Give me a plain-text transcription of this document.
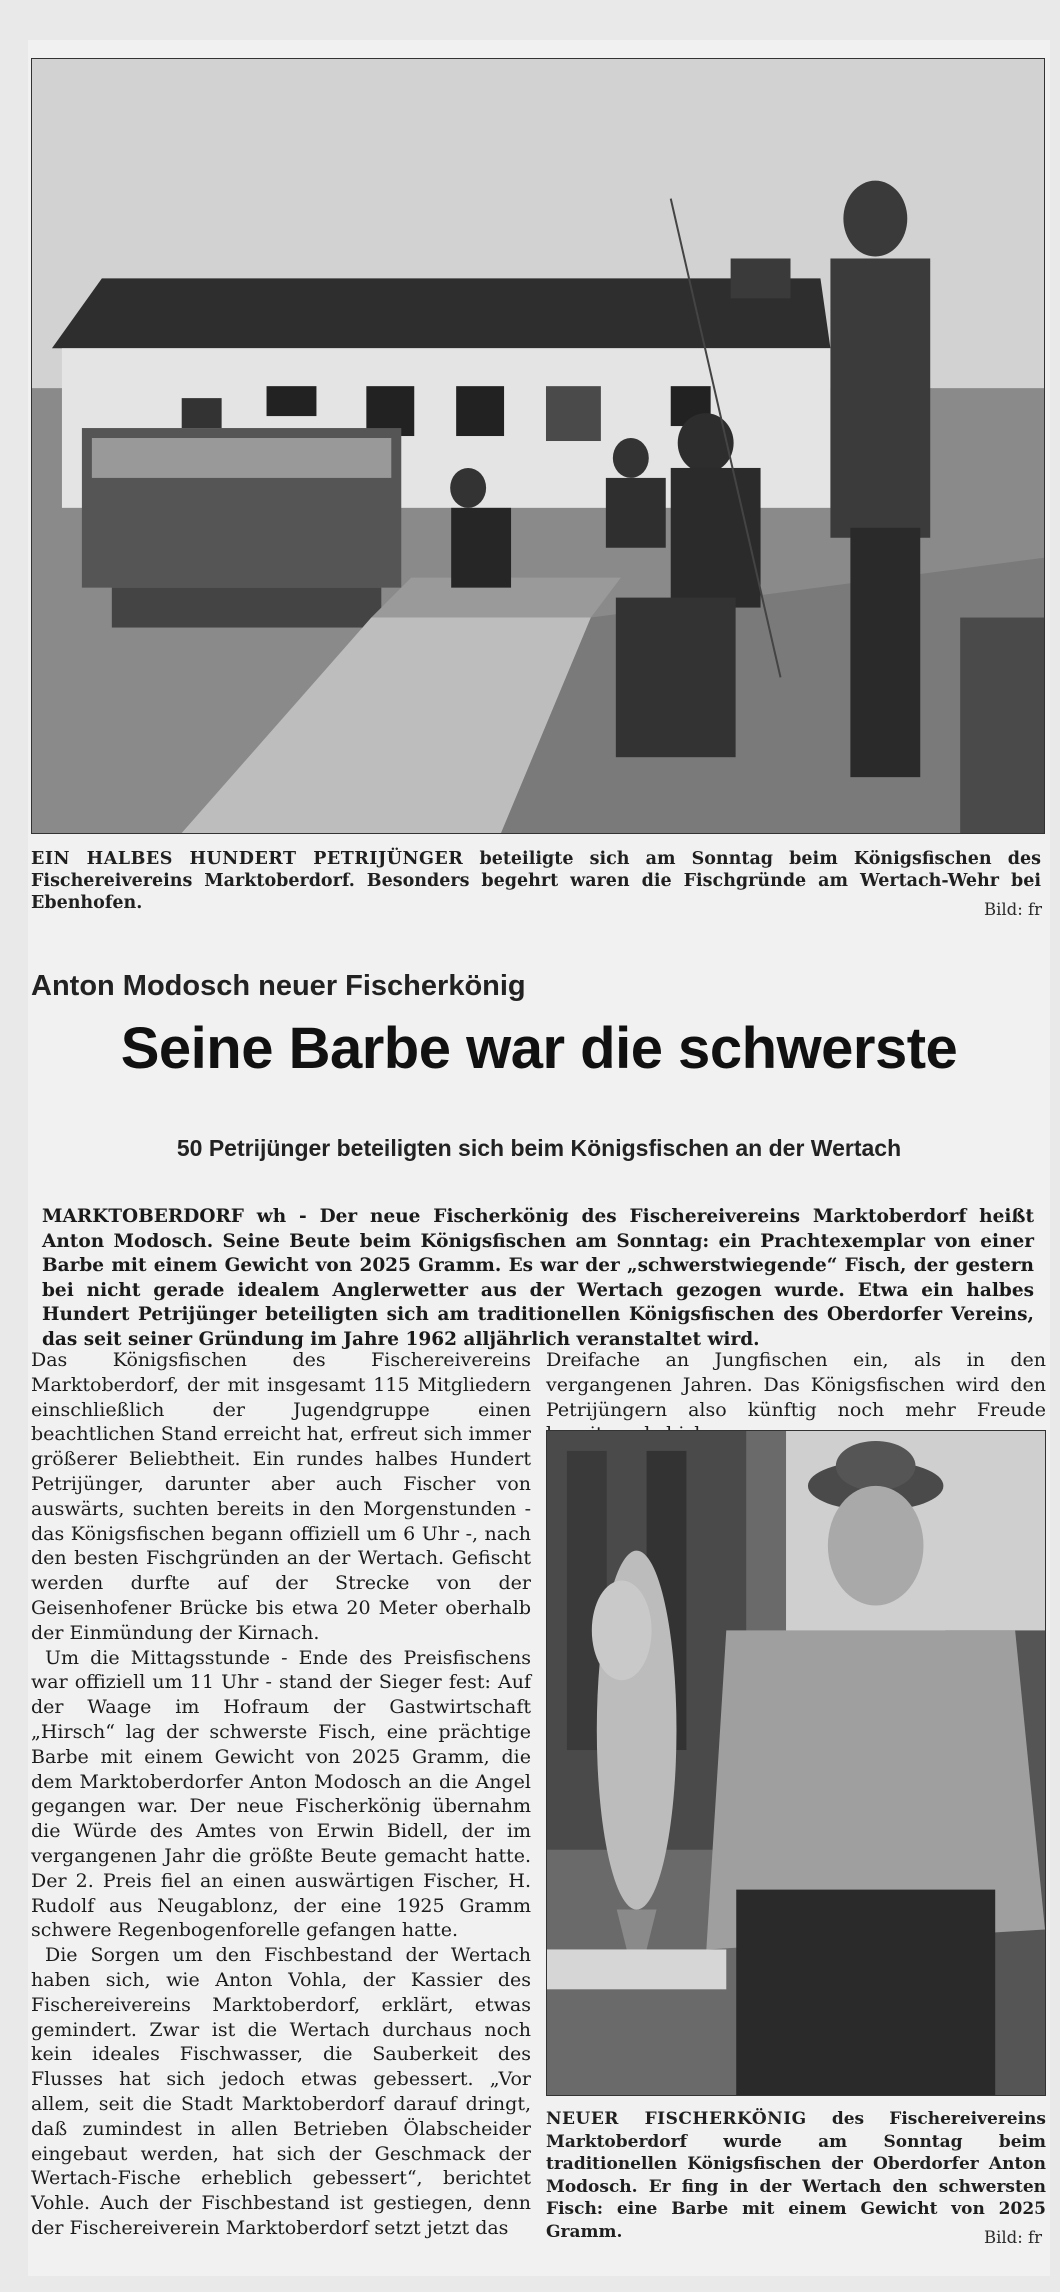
EIN HALBES HUNDERT PETRIJÜNGER beteiligte sich am Sonntag beim Königsfischen des Fischereivereins Marktoberdorf. Besonders begehrt waren die Fischgründe am Wertach-Wehr bei Ebenhofen.	Bild: fr
Anton Modosch neuer Fischerkönig
Seine Barbe war die schwerste
50 Petrijünger beteiligten sich beim Königsfischen an der Wertach
MARKTOBERDORF wh - Der neue Fischerkönig des Fischereivereins Marktoberdorf heißt Anton Modosch. Seine Beute beim Königsfischen am Sonntag: ein Prachtexemplar von einer Barbe mit einem Gewicht von 2025 Gramm. Es war der „schwerstwiegende“ Fisch, der gestern bei nicht gerade idealem Anglerwetter aus der Wertach gezogen wurde. Etwa ein halbes Hundert Petrijünger beteiligten sich am traditionellen Königsfischen des Oberdorfer Vereins, das seit seiner Gründung im Jahre 1962 alljährlich veranstaltet wird.

Das Königsfischen des Fischereivereins Marktoberdorf, der mit insgesamt 115 Mitgliedern einschließlich der Jugendgruppe einen beachtlichen Stand erreicht hat, erfreut sich immer größerer Beliebtheit. Ein rundes halbes Hundert Petrijünger, darunter aber auch Fischer von auswärts, suchten bereits in den Morgenstunden - das Königsfischen begann offiziell um 6 Uhr -, nach den besten Fischgründen an der Wertach. Gefischt werden durfte auf der Strecke von der Geisenhofener Brücke bis etwa 20 Meter oberhalb der Einmündung der Kirnach.

Um die Mittagsstunde - Ende des Preisfischens war offiziell um 11 Uhr - stand der Sieger fest: Auf der Waage im Hofraum der Gastwirtschaft „Hirsch“ lag der schwerste Fisch, eine prächtige Barbe mit einem Gewicht von 2025 Gramm, die dem Marktoberdorfer Anton Modosch an die Angel gegangen war. Der neue Fischerkönig übernahm die Würde des Amtes von Erwin Bidell, der im vergangenen Jahr die größte Beute gemacht hatte. Der 2. Preis fiel an einen auswärtigen Fischer, H. Rudolf aus Neugablonz, der eine 1925 Gramm schwere Regenbogenforelle gefangen hatte.

Die Sorgen um den Fischbestand der Wertach haben sich, wie Anton Vohla, der Kassier des Fischereivereins Marktoberdorf, erklärt, etwas gemindert. Zwar ist die Wertach durchaus noch kein ideales Fischwasser, die Sauberkeit des Flusses hat sich jedoch etwas gebessert. „Vor allem, seit die Stadt Marktoberdorf darauf dringt, daß zumindest in allen Betrieben Ölabscheider eingebaut werden, hat sich der Geschmack der Wertach-Fische erheblich gebessert“, berichtet Vohle. Auch der Fischbestand ist gestiegen, denn der Fischereiverein Marktoberdorf setzt jetzt das

Dreifache an Jungfischen ein, als in den vergangenen Jahren. Das Königsfischen wird den Petrijüngern also künftig noch mehr Freude

NEUER FISCHERKÖNIG des Fischereivereins Marktoberdorf wurde am Sonntag beim traditionellen Königsfischen der Oberdorfer Anton Modosch. Er fing in der Wertach den schwersten Fisch: eine Barbe mit einem Gewicht von 2025 Gramm.	Bild: fr
